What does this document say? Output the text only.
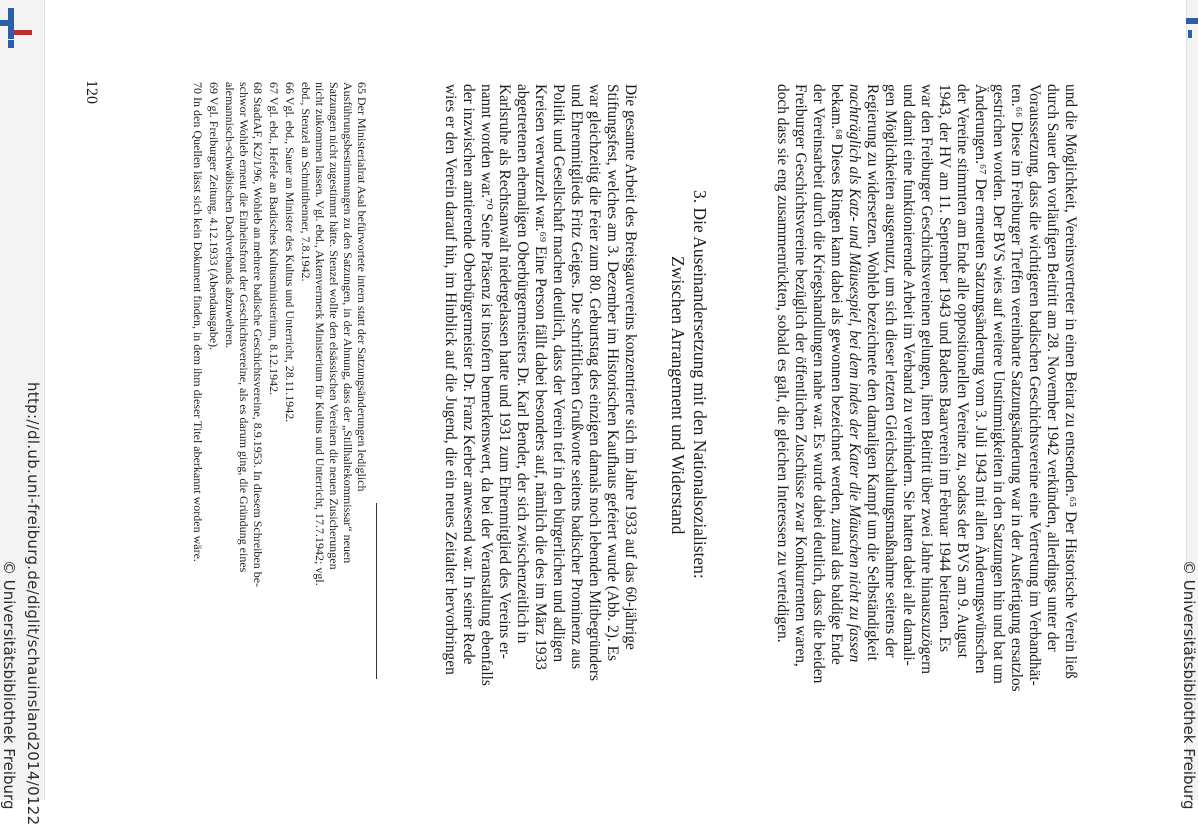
© Universitätsbibliothek Freiburg
und die Möglichkeit, Vereinsvertreter in einen Beirat zu entsenden.⁶⁵ Der Historische Verein ließ
durch Sauer den vorläufigen Beitritt am 28. November 1942 verkünden, allerdings unter der
Voraussetzung, dass die wichtigeren badischen Geschichtsvereine eine Vertretung im Verbandhät-
ten.⁶⁶ Diese im Freiburger Treffen vereinbarte Satzungsänderung war in der Ausfertigung ersatzlos
gestrichen worden. Der BVS wies auf weitere Unstimmigkeiten in den Satzungen hin und bat um
Änderungen.⁶⁷ Der erneuten Satzungsänderung vom 3. Juli 1943 mit allen Änderungswünschen
der Vereine stimmten am Ende alle oppositionellen Vereine zu, sodass der BVS am 9. August
1943, der HV am 11. September 1943 und Badens Baarverein im Februar 1944 beitraten. Es
war den Freiburger Geschichtsvereinen gelungen, ihren Beitritt über zwei Jahre hinauszuzögern
und damit eine funktionierende Arbeit im Verband zu verhindern. Sie hatten dabei alle damali-
gen Möglichkeiten ausgenutzt, um sich dieser letzten Gleichschaltungsmaßnahme seitens der
Regierung zu widersetzen. Wohleb bezeichnete den damaligen Kampf um die Selbständigkeit
nachträglich als Katz- und Mäusespiel, bei dem indes der Kater die Mäuschen nicht zu fassen
bekam.⁶⁸ Dieses Ringen kann dabei als gewonnen bezeichnet werden, zumal das baldige Ende
der Vereinsarbeit durch die Kriegshandlungen nahe war. Es wurde dabei deutlich, dass die beiden
Freiburger Geschichtsvereine bezüglich der öffentlichen Zuschüsse zwar Konkurrenten waren,
doch dass sie eng zusammenrückten, sobald es galt, die gleichen Interessen zu verteidigen.
3. Die Auseinandersetzung mit den Nationalsozialisten:
Zwischen Arrangement und Widerstand
Die gesamte Arbeit des Breisgauvereins konzentrierte sich im Jahre 1933 auf das 60-jährige
Stiftungsfest, welches am 3. Dezember im Historischen Kaufhaus gefeiert wurde (Abb. 2). Es
war gleichzeitig die Feier zum 80. Geburtstag des einzigen damals noch lebenden Mitbegründers
und Ehrenmitglieds Fritz Geiges. Die schriftlichen Grußworte seitens badischer Prominenz aus
Politik und Gesellschaft machen deutlich, dass der Verein tief in den bürgerlichen und adligen
Kreisen verwurzelt war.⁶⁹ Eine Person fällt dabei besonders auf, nämlich die des im März 1933
abgetretenen ehemaligen Oberbürgermeisters Dr. Karl Bender, der sich zwischenzeitlich in
Karlsruhe als Rechtsanwalt niedergelassen hatte und 1931 zum Ehrenmitglied des Vereins er-
nannt worden war.⁷⁰ Seine Präsenz ist insofern bemerkenswert, da bei der Veranstaltung ebenfalls
der inzwischen amtierende Oberbürgermeister Dr. Franz Kerber anwesend war. In seiner Rede
wies er den Verein darauf hin, im Hinblick auf die Jugend, die ein neues Zeitalter hervorbringen
65 Der Ministerialrat Asal befürwortete intern statt der Satzungsänderungen lediglich
Ausführungsbestimmungen zu den Satzungen, in der Ahnung, dass der „Stillhaltekommissar“ neuen
Satzungen nicht zugestimmt hätte. Stenzel wollte den elsässischen Vereinen die neuen Zusicherungen
nicht zukommen lassen. Vgl. ebd., Aktenvermerk Ministerium für Kultus und Unterricht, 17.7.1942; vgl.
ebd., Stenzel an Schmitthenner, 7.8.1942.
66 Vgl. ebd., Sauer an Minister des Kultus und Unterricht, 28.11.1942.
67 Vgl. ebd., Hefele an Badisches Kultusministerium, 8.12.1942.
68 StadtAF, K2/1/96, Wohleb an mehrere badische Geschichtsvereine, 8.9.1953. In diesem Schreiben be-
schwor Wohleb erneut die Einheitsfront der Geschichtsvereine, als es darum ging, die Gründung eines
alemannisch-schwäbischen Dachverbands abzuwehren.
69 Vgl. Freiburger Zeitung, 4.12.1933 (Abendausgabe).
70 In den Quellen lässt sich kein Dokument finden, in dem ihm dieser Titel aberkannt worden wäre.
120
http://dl.ub.uni-freiburg.de/diglit/schauinsland2014/0122
© Universitätsbibliothek Freiburg
